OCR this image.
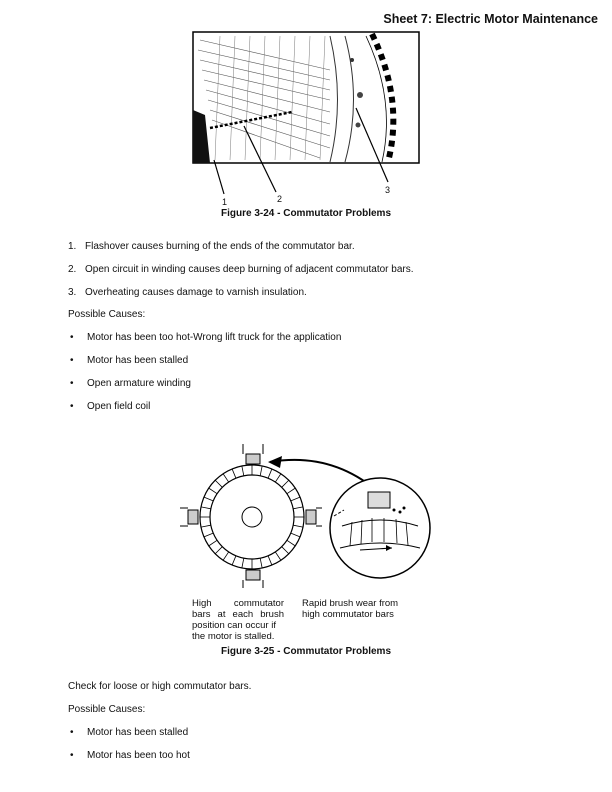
Sheet 7: Electric Motor Maintenance
1	2
3
Figure 3-24 - Commutator Problems
1. Flashover causes burning of the ends of the commutator bar.
2. Open circuit in winding causes deep burning of adjacent commutator bars.
3. Overheating causes damage to varnish insulation.
Possible Causes:
• Motor has been too hot-Wrong lift truck for the application
• Motor has been stalled
• Open armature winding
• Open field coil
High commutator
bars at each brush
position can occur if
the motor is stalled.
Rapid brush wear from
high commutator bars
Figure 3-25 - Commutator Problems
Check for loose or high commutator bars.
Possible Causes:
• Motor has been stalled
• Motor has been too hot
